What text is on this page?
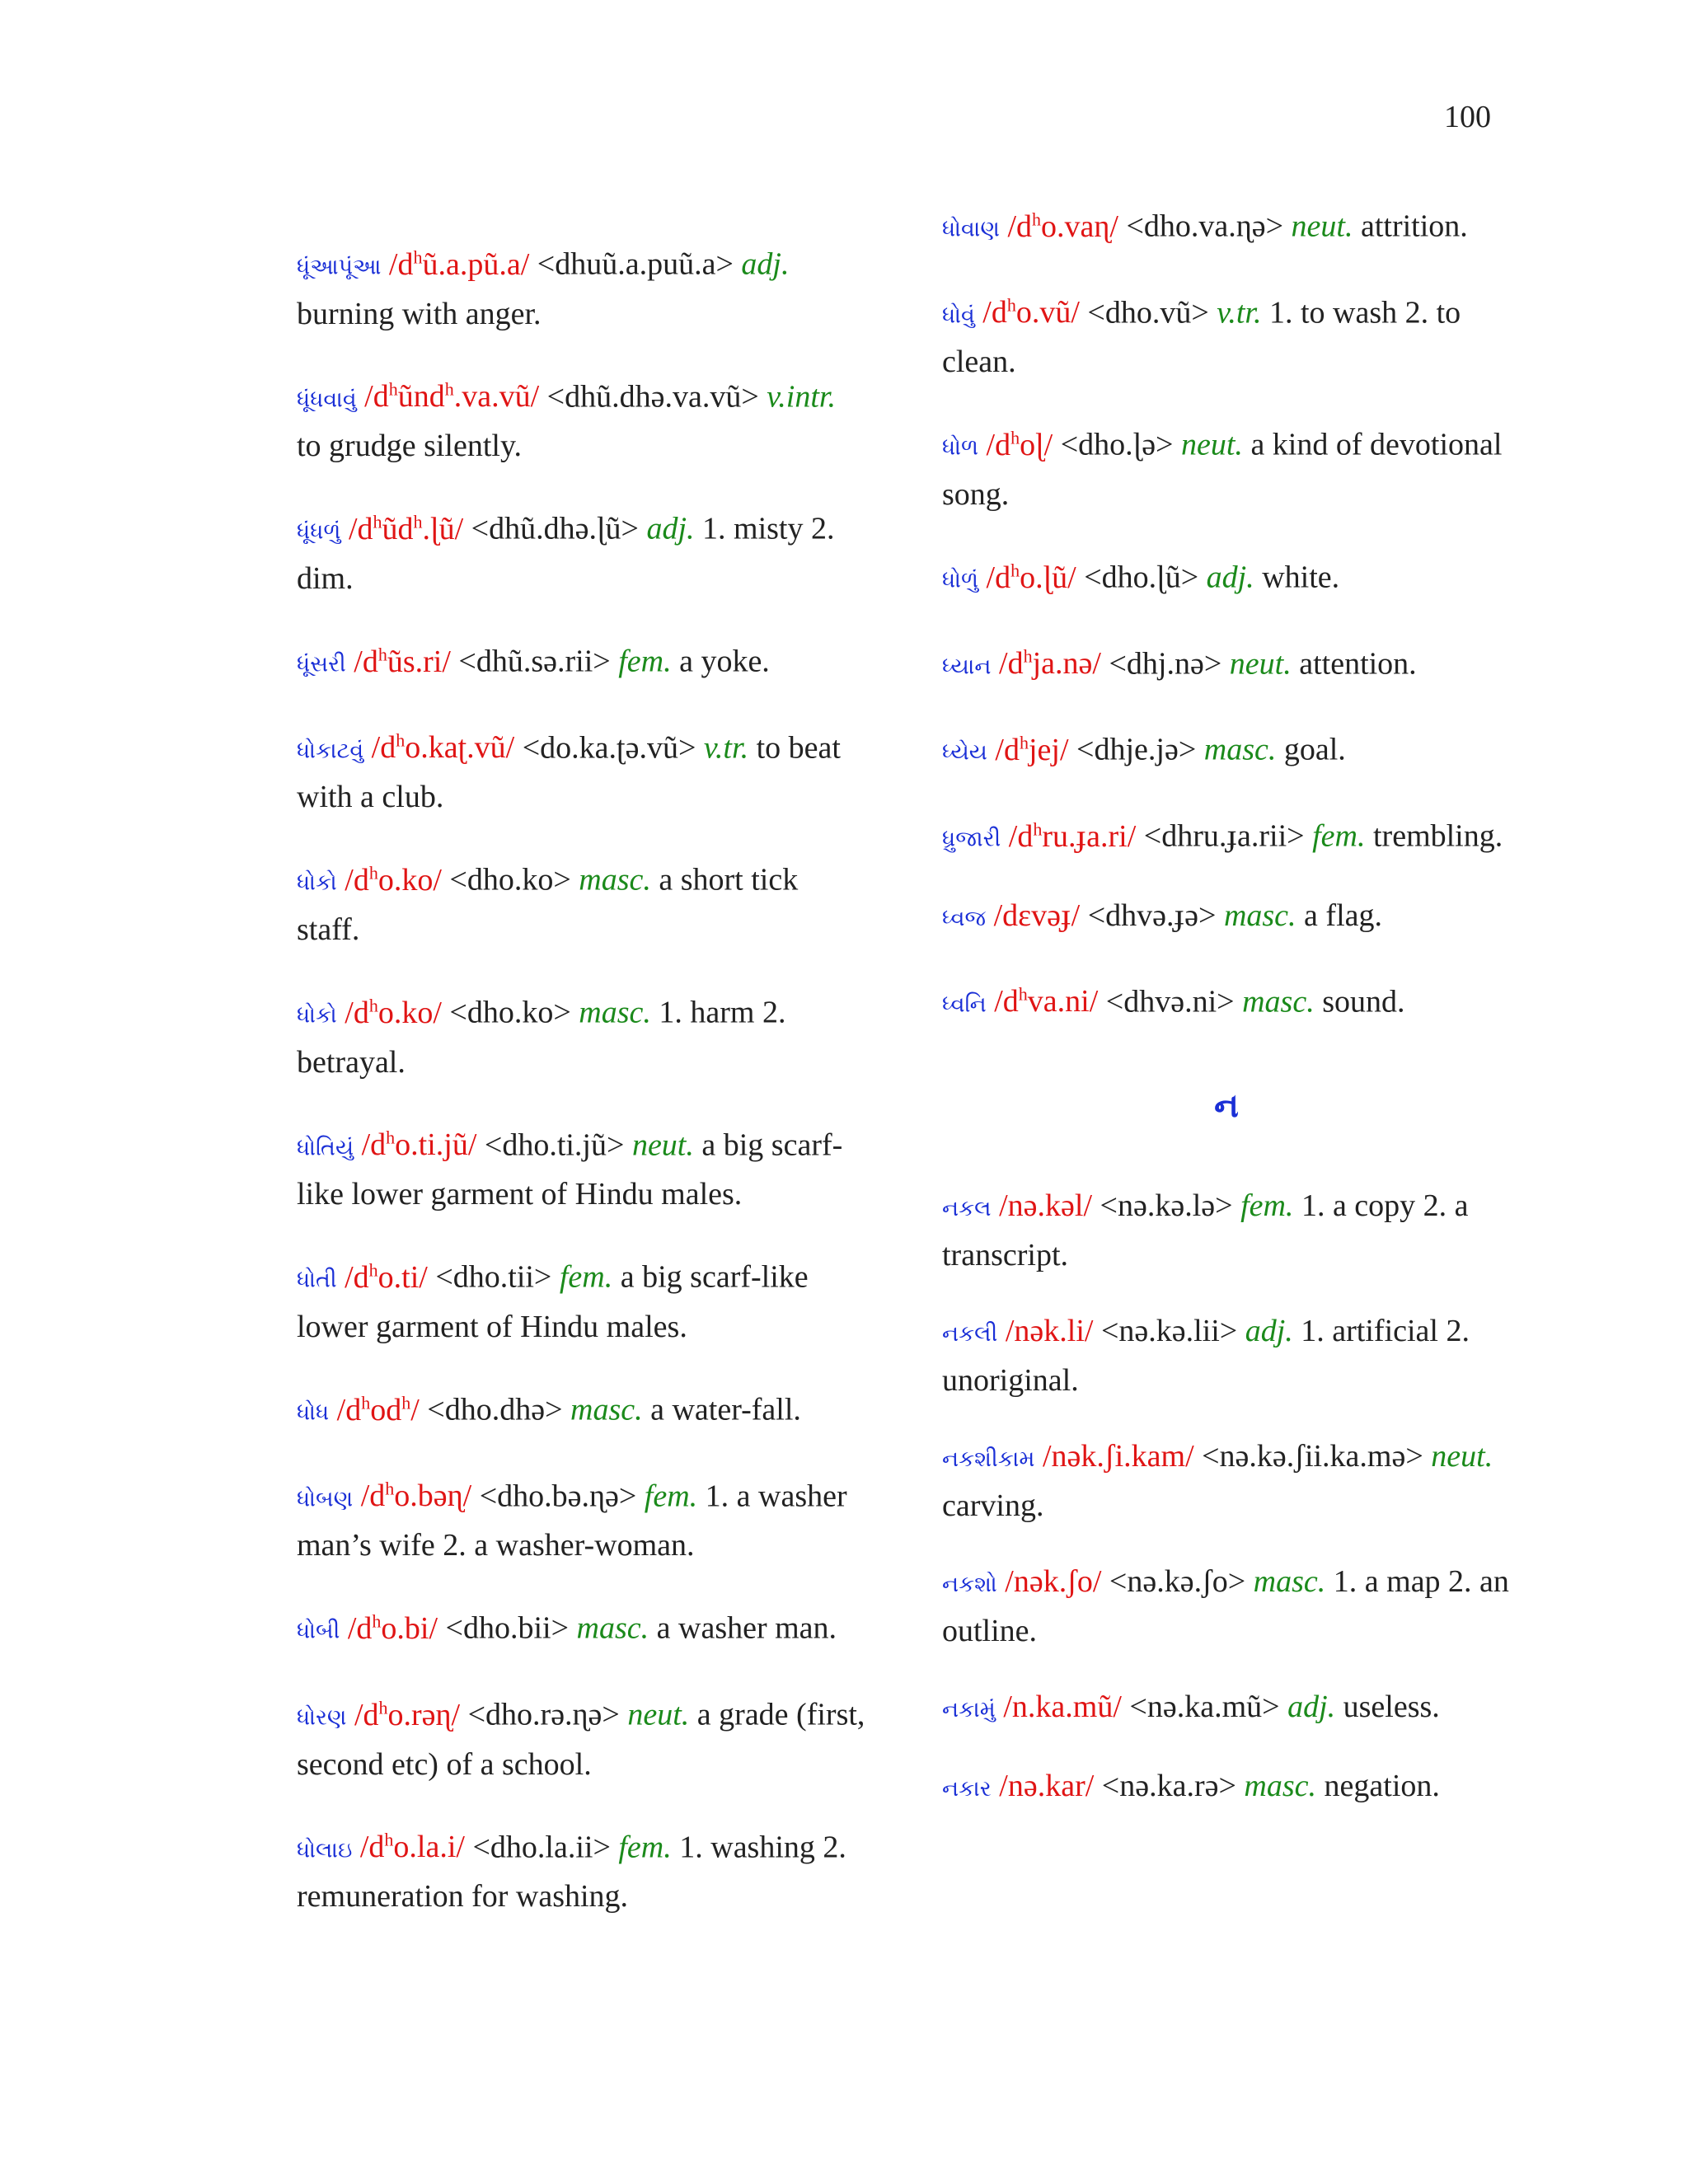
100
ધૂંઆપૂંઆ $/d^hũ.a.pũ.a/$ <dhuũ.a.puũ.a> adj. burning with anger.
ધૂંધવાવું $/d^hũnd^h.va.vũ/$ <dhũ.dhə.va.vũ> v.intr. to grudge silently.
ધૂંધળું $/d^hũd^h.ɭũ/$ <dhũ.dhə.ɭũ> adj. 1. misty 2. dim.
ધૂંસરી $/d^hũs.ri/$ <dhũ.sə.rii> fem. a yoke.
ધોકાટવું $/d^ho.kaʈ.vũ/$ <do.ka.ʈə.vũ> v.tr. to beat with a club.
ધોકો $/d^ho.ko/ <dho.ko>$ masc. a short tick staff.
ધોકો $/d^ho.ko/ <dho.ko>$ masc. 1. harm 2. betrayal.
ધોતિયું $/d^ho.ti.jũ/$ <dho.ti.jũ> neut. a big scarf-like lower garment of Hindu males.
ધોતી $/d^ho.ti/ <dho.tii>$ fem. a big scarf-like lower garment of Hindu males.
ધોધ $/d^hod^h/$ <dho.dhə> masc. a water-fall.
ધોબણ $/d^ho.bəɳ/$ <dho.bə.ɳə> fem. 1. a washer man’s wife 2. a washer-woman.
ધોબી $/d^ho.bi/ <dho.bii>$ masc. a washer man.
ધોરણ $/d^ho.rəɳ/$ <dho.rə.ɳə> neut. a grade (first, second etc) of a school.
ધોલાઇ $/d^ho.la.i/ <dho.la.ii>$ fem. 1. washing 2. remuneration for washing.
ધોવાણ $/d^ho.vaɳ/$ <dho.va.ɳə> neut. attrition.
ધોવું $/d^ho.vũ/$ <dho.vũ> v.tr. 1. to wash 2. to clean.
ધોળ $/d^hoɭ/$ <dho.ɭə> neut. a kind of devotional song.
ધોળું $/d^ho.ɭũ/$ <dho.ɭũ> adj. white.
ધ્યાન $/d^hja.nə/$ <dhj.nə> neut. attention.
ધ્યેય $/d^hjej/$ <dhje.jə> masc. goal.
ધ્રુજારી $/d^hru.ɟa.ri/$ <dhru.ɟa.rii> fem. trembling.
ધ્વજ /dɛvəɟ/ <dhvə.ɟə> masc. a flag.
ધ્વનિ $/d^hva.ni/$ <dhvə.ni> masc. sound.
ન
નકલ /nə.kəl/ <nə.kə.lə> fem. 1. a copy 2. a transcript.
નકલી /nək.li/ <nə.kə.lii> adj. 1. artificial 2. unoriginal.
નકશીકામ /nək.ʃi.kam/ <nə.kə.ʃii.ka.mə> neut. carving.
નકશો /nək.ʃo/ <nə.kə.ʃo> masc. 1. a map 2. an outline.
નકામું /n.ka.mũ/ <nə.ka.mũ> adj. useless.
નકાર /nə.kar/ <nə.ka.rə> masc. negation.
